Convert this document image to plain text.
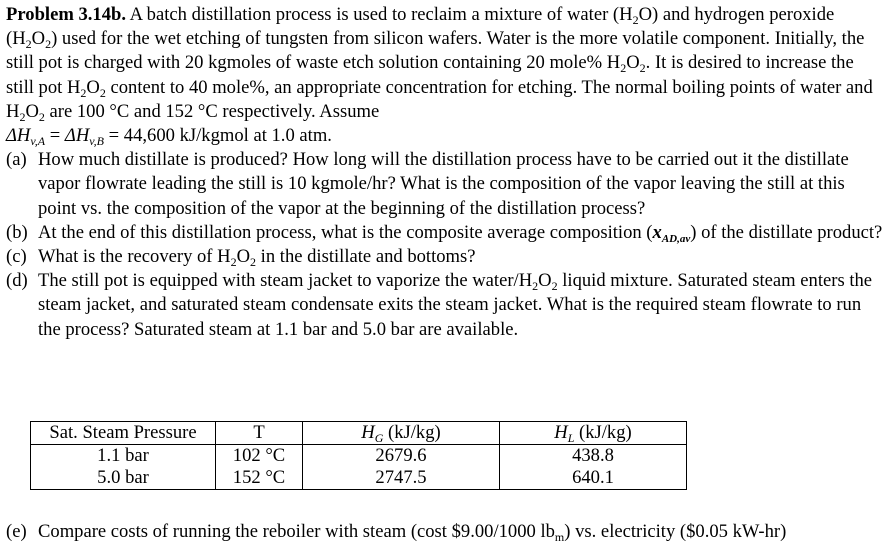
Problem 3.14b. A batch distillation process is used to reclaim a mixture of water $(H_2O)$ and hydrogen peroxide $(H_2O_2)$ used for the wet etching of tungsten from silicon wafers. Water is the more volatile component. Initially, the still pot is charged with 20 kgmoles of waste etch solution containing 20 mole% $H_2O_2$. It is desired to increase the still pot $H_2O_2$ content to 40 mole%, an appropriate concentration for etching. The normal boiling points of water and $H_2O_2$ are 100 °C and 152 °C respectively. Assume
$\Delta H_{v,A} = \Delta H_{v,B} = 44,600$ kJ/kgmol at 1.0 atm.

(a) How much distillate is produced? How long will the distillation process have to be carried out it the distillate vapor flowrate leading the still is 10 kgmole/hr? What is the composition of the vapor leaving the still at this point vs. the composition of the vapor at the beginning of the distillation process?
(b) At the end of this distillation process, what is the composite average composition $(x_{AD,av})$ of the distillate product?
(c) What is the recovery of $H_2O_2$ in the distillate and bottoms?
(d) The still pot is equipped with steam jacket to vaporize the water/$H_2O_2$ liquid mixture. Saturated steam enters the steam jacket, and saturated steam condensate exits the steam jacket. What is the required steam flowrate to run the process? Saturated steam at 1.1 bar and 5.0 bar are available.
Sat. Steam Pressure	T	$H_G$ (kJ/kg)	$H_L$ (kJ/kg)
1.1 bar	102 °C	2679.6	438.8
5.0 bar	152 °C	2747.5	640.1
(e) Compare costs of running the reboiler with steam (cost $9.00/1000 $lb_m$) vs. electricity ($0.05 kW-hr)
